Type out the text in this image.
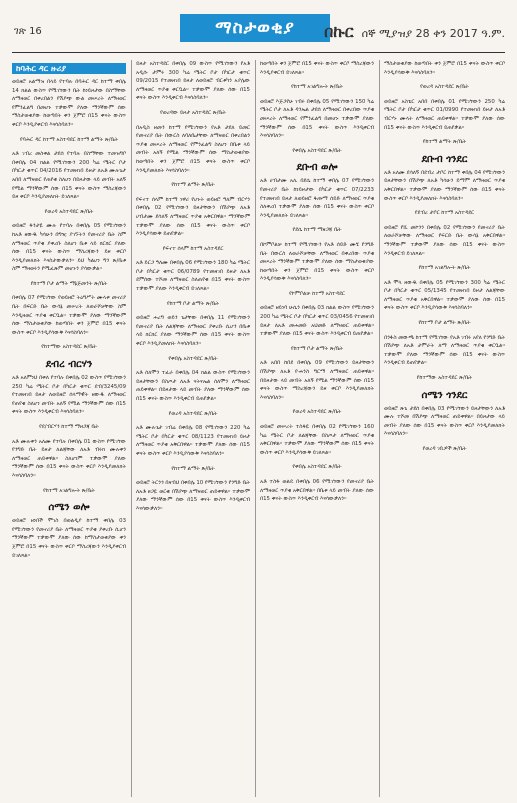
ገጽ 16	ማስታወቂያ	በኩር ሰኞ ሚያዝያ 28 ቀን 2017 ዓ.ም.
ከባሕር ዳር ዙሪያ

ወይዘሮ አልማዝ በላይ የተባሉ በባሕር ዳር ከተማ ቀበሌ 14 ክልል ውስጥ የሚገኘውን ቤት ከነይዞታው በስማቸው ለማዛወር በቀረበልን የሽያጭ ውል መሠረት ለማዛወር የምንፈልግ በመሆኑ ተቃውሞ ያለው ማንኛውም ሰው ማስታወቂያው ከወጣበት ቀን ጀምሮ በ15 ቀናት ውስጥ ቀርቦ እንዲያቀርብ እናሳስባለን።

የባሕር ዳር ከተማ አስተዳደር ከተማ ልማት ጽ/ቤት

አቶ ገብረ መስቀል ታደሰ የተባሉ በስማቸው ተመዝግቦ በቀበሌ 04 ክልል የሚገኘውን 200 ካሬ ሜትር ቦታ በካርታ ቁጥር 04/2016 የተመዘገበ ይዞታ ለአቶ ሙሉጌታ አበበ ለማዛወር የጠየቁ ስለሆነ በይዞታው ላይ መብት አለኝ የሚል ማንኛውም ሰው በ15 ቀናት ውስጥ ማስረጃውን ይዞ ቀርቦ እንዲያመለክት ይገለጻል።

የወረዳ አስተዳደር ጽ/ቤት

ወይዘሮ ፋንታዬ ሙሉ የተባሉ በቀበሌ 05 የሚገኘውን ከአቶ ዘውዱ ካሳሁን በግዢ ያገኙትን የመኖሪያ ቤት ስም ለማዛወር ጥያቄ ያቀረቡ ስለሆነ ቤቱ ላይ ክርክር ያለው ሰው በ15 ቀናት ውስጥ ማስረጃውን ይዞ ቀርቦ እንዲያመለክት እናስታውቃለን። ይህ ካልሆነ ግን ጽ/ቤቱ ስም ማዛወሩን የሚፈጽም መሆኑን ያሳውቃል።

የከተማ ቦታ ልማት ማኔጅመንት ጽ/ቤት

በቀበሌ 07 የሚገኘው የወይዘሮ ትዕግሥት ሙላቱ መኖሪያ ቤት በፍርድ ቤት ውሳኔ መሠረት ለወራሾቻቸው ስም እንዲዛወር ጥያቄ ቀርቧል። ተቃውሞ ያለው ማንኛውም ሰው ማስታወቂያው ከወጣበት ቀን ጀምሮ በ15 ቀናት ውስጥ ቀርቦ እንዲያሳውቅ እናሳስባለን።

የከተማው አስተዳደር ጽ/ቤት
ደብረ ብርሃን

አቶ አለምነህ በቀለ የተባሉ በቀበሌ 02 ውስጥ የሚገኘውን 250 ካሬ ሜትር ቦታ በካርታ ቁጥር ደብ/3245/09 የተመዘገበ ይዞታ ለወይዘሮ ሰላማዊት ዘውዱ ለማዛወር የጠየቁ ስለሆነ መብት አለኝ የሚል ማንኛውም ሰው በ15 ቀናት ውስጥ እንዲቀርብ እናሳስባለን።

የደ/ብርሃን ከተማ ማዘጋጃ ቤት

አቶ ሙሉቀን አለሙ የተባሉ በቀበሌ 01 ውስጥ የሚገኘው የንግድ ቤት ይዞታ ለልጃቸው ለአቶ ብሩክ ሙሉቀን ለማዛወር ጠይቀዋል። ስለሆነም ተቃውሞ ያለው ማንኛውም ሰው በ15 ቀናት ውስጥ ቀርቦ እንዲያመለክት እናሳስባለን።

የከተማ አገልግሎት ጽ/ቤት
ሰሜን ወሎ

ወይዘሮ ዘነበች ሞገስ በወልዲያ ከተማ ቀበሌ 03 የሚገኘውን የመኖሪያ ቤት ለማዛወር ጥያቄ ያቀረቡ ሲሆን ማንኛውም ተቃውሞ ያለው ሰው ከማስታወቂያው ቀን ጀምሮ በ15 ቀናት ውስጥ ቀርቦ ማስረጃውን እንዲያቀርብ ይገለጻል።

ይዞታ አስተዳደር በቀበሌ 09 ውስጥ የሚገኘውን የአቶ አዲሱ ታምሩ 300 ካሬ ሜትር ቦታ በካርታ ቁጥር 09/2015 የተመዘገበ ይዞታ ለወይዘሮ ብርቱካን አያሌው ለማዛወር ጥያቄ ቀርቧል። ተቃውሞ ያለው ሰው በ15 ቀናት ውስጥ እንዲቀርብ እናሳስባለን።

የወረዳው ይዞታ አስተዳደር ጽ/ቤት

በአዲስ ዘመን ከተማ የሚገኘውን የአቶ ታደለ ይመር የመኖሪያ ቤት በውርስ ለባለቤታቸው ለማዛወር በቀረበልን ጥያቄ መሠረት ለማዛወር የምንፈልግ ስለሆነ በቤቱ ላይ መብት አለኝ የሚል ማንኛውም ሰው ማስታወቂያው ከወጣበት ቀን ጀምሮ በ15 ቀናት ውስጥ ቀርቦ እንዲያመለክት እናሳስባለን።

የከተማ ልማት ጽ/ቤት

የፍኖተ ሰላም ከተማ ነዋሪ የሆኑት ወይዘሮ ዓለም ብርሃን በቀበሌ 02 የሚገኘውን ይዞታቸውን በሽያጭ ለአቶ ሀብታሙ ደሳለኝ ለማዛወር ጥያቄ አቅርበዋል። ማንኛውም ተቃውሞ ያለው ሰው በ15 ቀናት ውስጥ ቀርቦ እንዲያሳውቅ ይጠየቃል።

የፍኖተ ሰላም ከተማ አስተዳደር

አቶ ይርጋ ዓለሙ በቀበሌ 06 የሚገኘውን 180 ካሬ ሜትር ቦታ በካርታ ቁጥር 06/0789 የተመዘገበ ይዞታ ለአቶ ደምሰው ተሾመ ለማዛወር ስለጠየቁ በ15 ቀናት ውስጥ ተቃውሞ ያለው እንዲቀርብ ይገለጻል።

የከተማ ቦታ ልማት ጽ/ቤት

ወይዘሮ ሐረግ ወይን ጌታቸው በቀበሌ 11 የሚገኘውን የመኖሪያ ቤት ለልጃቸው ለማዛወር ያቀረቡ ሲሆን በቤቱ ላይ ክርክር ያለው ማንኛውም ሰው በ15 ቀናት ውስጥ ቀርቦ እንዲያመለክት እናሳስባለን።

የቀበሌ አስተዳደር ጽ/ቤት

አቶ ሰለሞን ተፈራ በቀበሌ 04 ክልል ውስጥ የሚገኘውን ይዞታቸውን በስጦታ ለአቶ ናትናኤል ሰለሞን ለማዛወር ጠይቀዋል። በይዞታው ላይ መብት ያለው ማንኛውም ሰው በ15 ቀናት ውስጥ እንዲቀርብ ይጠየቃል።

የወረዳ አስተዳደር ጽ/ቤት

አቶ ሙሉጌታ ገብሬ በቀበሌ 08 የሚገኘውን 220 ካሬ ሜትር ቦታ በካርታ ቁጥር 08/1123 የተመዘገበ ይዞታ ለማዛወር ጥያቄ አቅርበዋል። ተቃውሞ ያለው ሰው በ15 ቀናት ውስጥ ቀርቦ እንዲያሳውቅ እናሳስባለን።

የከተማ ልማት ጽ/ቤት

ወይዘሮ ትርንጎ በዛብህ በቀበሌ 10 የሚገኘውን የንግድ ቤት ለአቶ ፀጋዬ ወርቁ በሽያጭ ለማዛወር ጠይቀዋል። ተቃውሞ ያለው ማንኛውም ሰው በ15 ቀናት ውስጥ እንዲቀርብ እናሳውቃለን።

ከወጣበት ቀን ጀምሮ በ15 ቀናት ውስጥ ቀርቦ ማስረጃውን እንዲያቀርብ ይገለጻል።

የከተማ አገልግሎት ጽ/ቤት

ወይዘሮ እጅጋየሁ ገብሩ በቀበሌ 05 የሚገኘውን 150 ካሬ ሜትር ቦታ ለአቶ ዳንኤል ታደሰ ለማዛወር በቀረበው ጥያቄ መሠረት ለማዛወር የምንፈልግ በመሆኑ ተቃውሞ ያለው ማንኛውም ሰው በ15 ቀናት ውስጥ እንዲቀርብ እናሳስባለን።

የቀበሌ አስተዳደር ጽ/ቤት
ደቡብ ወሎ

አቶ ሀብታሙ አሊ በደሴ ከተማ ቀበሌ 07 የሚገኘውን የመኖሪያ ቤት ከነይዞታው በካርታ ቁጥር 07/2233 የተመዘገበ ይዞታ ለወይዘሮ ፋጡማ ሰይድ ለማዛወር ጥያቄ ስለቀረበ ተቃውሞ ያለው ሰው በ15 ቀናት ውስጥ ቀርቦ እንዲያመለክት ይገለጻል።

የደሴ ከተማ ማዘጋጃ ቤት

በኮምቦልቻ ከተማ የሚገኘውን የአቶ ሰይድ ሙሄ የንግድ ቤት በውርስ ለወራሾቻቸው ለማዛወር በቀረበው ጥያቄ መሠረት ማንኛውም ተቃውሞ ያለው ሰው ማስታወቂያው ከወጣበት ቀን ጀምሮ በ15 ቀናት ውስጥ ቀርቦ እንዲያሳውቅ እናሳስባለን።

የኮምቦልቻ ከተማ አስተዳደር

ወይዘሮ ዘይነባ ሁሴን በቀበሌ 03 ክልል ውስጥ የሚገኘውን 200 ካሬ ሜትር ቦታ በካርታ ቁጥር 03/0456 የተመዘገበ ይዞታ ለአቶ መሐመድ አህመድ ለማዛወር ጠይቀዋል። ተቃውሞ ያለው በ15 ቀናት ውስጥ እንዲቀርብ ይጠየቃል።

የከተማ ቦታ ልማት ጽ/ቤት

አቶ አበበ ከበደ በቀበሌ 09 የሚገኘውን ይዞታቸውን በሽያጭ ለአቶ ዮሐንስ ግርማ ለማዛወር ጠይቀዋል። በይዞታው ላይ መብት አለኝ የሚል ማንኛውም ሰው በ15 ቀናት ውስጥ ማስረጃውን ይዞ ቀርቦ እንዲያመለክት እናሳስባለን።

የወረዳ አስተዳደር ጽ/ቤት

ወይዘሮ መሠረት ተስፋዬ በቀበሌ 02 የሚገኘውን 160 ካሬ ሜትር ቦታ ለልጃቸው በስጦታ ለማዛወር ጥያቄ አቅርበዋል። ተቃውሞ ያለው ማንኛውም ሰው በ15 ቀናት ውስጥ ቀርቦ እንዲያሳውቅ ይገለጻል።

የቀበሌ አስተዳደር ጽ/ቤት

አቶ ተስፋ ወልዴ በቀበሌ 06 የሚገኘውን የመኖሪያ ቤት ለማዛወር ጥያቄ አቅርበዋል። በቤቱ ላይ መብት ያለው ሰው በ15 ቀናት ውስጥ እንዲቀርብ እናሳውቃለን።

ማስታወቂያው ከወጣበት ቀን ጀምሮ በ15 ቀናት ውስጥ ቀርቦ እንዲያሳውቅ እናሳስባለን።

የወረዳ አስተዳደር ጽ/ቤት

ወይዘሮ አስቴር አበበ በቀበሌ 01 የሚገኘውን 250 ካሬ ሜትር ቦታ በካርታ ቁጥር 01/0990 የተመዘገበ ይዞታ ለአቶ ብርሃኑ ሙላት ለማዛወር ጠይቀዋል። ተቃውሞ ያለው ሰው በ15 ቀናት ውስጥ እንዲቀርብ ይጠየቃል።

የከተማ ልማት ጽ/ቤት
ደቡብ ጎንደር

አቶ አለሙ ደሳለኝ በደብረ ታቦር ከተማ ቀበሌ 04 የሚገኘውን ይዞታቸውን በሽያጭ ለአቶ ካሳሁን ይማም ለማዛወር ጥያቄ አቅርበዋል። ተቃውሞ ያለው ማንኛውም ሰው በ15 ቀናት ውስጥ ቀርቦ እንዲያመለክት እናሳስባለን።

የደብረ ታቦር ከተማ አስተዳደር

ወይዘሮ የሺ መኮንን በቀበሌ 02 የሚገኘውን የመኖሪያ ቤት ለወራሾቻቸው ለማዛወር የፍርድ ቤት ውሳኔ አቅርበዋል። ማንኛውም ተቃውሞ ያለው ሰው በ15 ቀናት ውስጥ እንዲቀርብ ይገለጻል።

የከተማ አገልግሎት ጽ/ቤት

አቶ ሞላ ዘውዱ በቀበሌ 05 የሚገኘውን 300 ካሬ ሜትር ቦታ በካርታ ቁጥር 05/1345 የተመዘገበ ይዞታ ለልጃቸው ለማዛወር ጥያቄ አቅርበዋል። ተቃውሞ ያለው ሰው በ15 ቀናት ውስጥ ቀርቦ እንዲያሳውቅ እናሳስባለን።

የከተማ ቦታ ልማት ጽ/ቤት

በንፋስ መውጫ ከተማ የሚገኘው የአቶ ገብሩ አየለ የንግድ ቤት በሽያጭ ለአቶ ታምራት ለማ ለማዛወር ጥያቄ ቀርቧል። ተቃውሞ ያለው ማንኛውም ሰው በ15 ቀናት ውስጥ እንዲቀርብ ይጠየቃል።

የከተማው አስተዳደር ጽ/ቤት
ሰሜን ጎንደር

ወይዘሮ ጽጌ ታደሰ በቀበሌ 03 የሚገኘውን ይዞታቸውን ለአቶ ሙሉ ተሾመ በሽያጭ ለማዛወር ጠይቀዋል። በይዞታው ላይ መብት ያለው ሰው በ15 ቀናት ውስጥ ቀርቦ እንዲያመለክት እናሳስባለን።

የወረዳ ገቢዎች ጽ/ቤት
